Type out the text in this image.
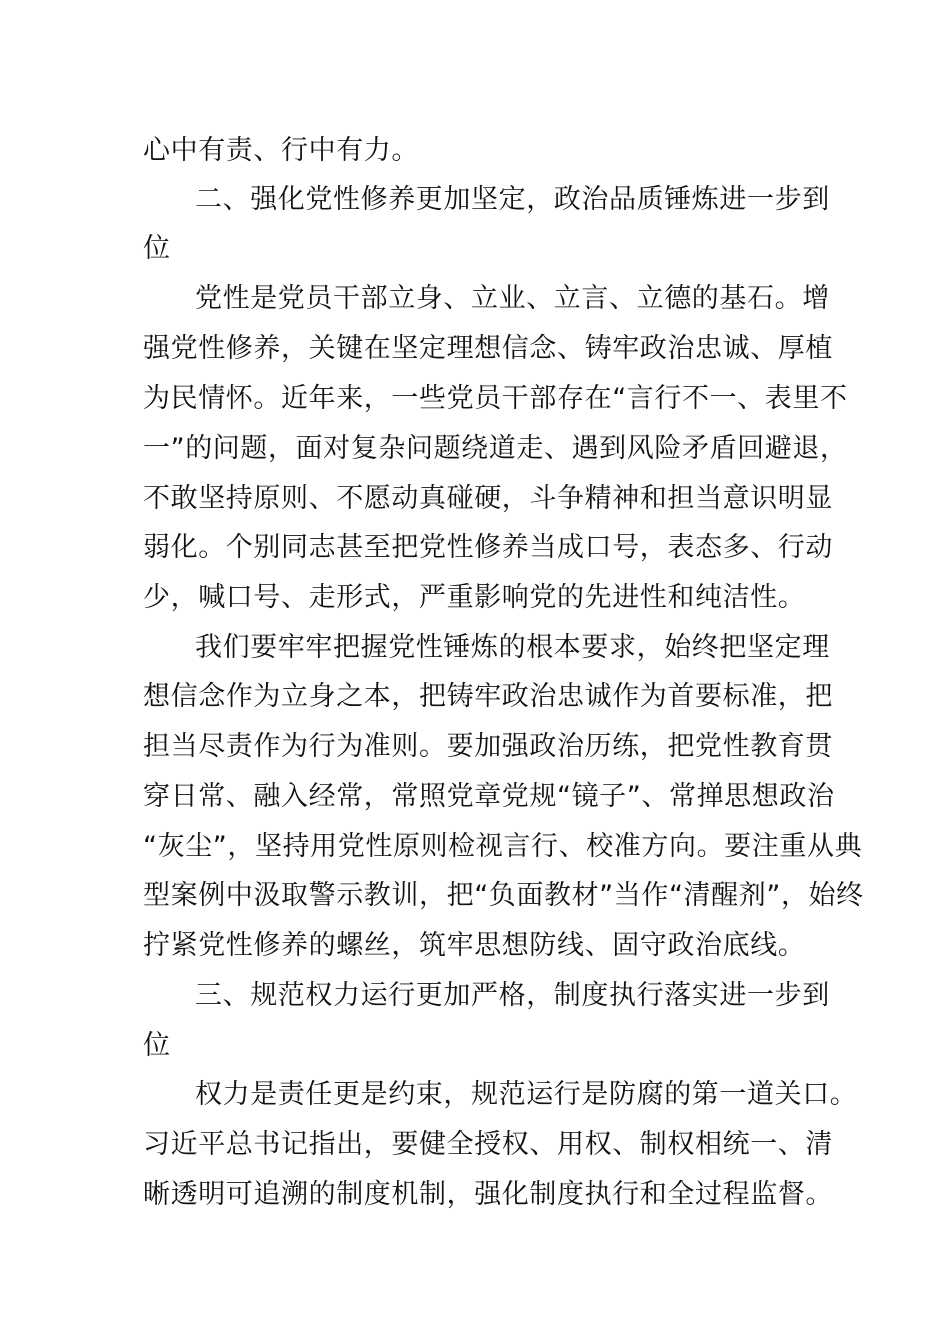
心中有责、行中有力。
二、强化党性修养更加坚定，政治品质锤炼进一步到
位
党性是党员干部立身、立业、立言、立德的基石。增
强党性修养，关键在坚定理想信念、铸牢政治忠诚、厚植
为民情怀。近年来，一些党员干部存在“言行不一、表里不
一”的问题，面对复杂问题绕道走、遇到风险矛盾回避退，
不敢坚持原则、不愿动真碰硬，斗争精神和担当意识明显
弱化。个别同志甚至把党性修养当成口号，表态多、行动
少，喊口号、走形式，严重影响党的先进性和纯洁性。
我们要牢牢把握党性锤炼的根本要求，始终把坚定理
想信念作为立身之本，把铸牢政治忠诚作为首要标准，把
担当尽责作为行为准则。要加强政治历练，把党性教育贯
穿日常、融入经常，常照党章党规“镜子”、常掸思想政治
“灰尘”，坚持用党性原则检视言行、校准方向。要注重从典
型案例中汲取警示教训，把“负面教材”当作“清醒剂”，始终
拧紧党性修养的螺丝，筑牢思想防线、固守政治底线。
三、规范权力运行更加严格，制度执行落实进一步到
位
权力是责任更是约束，规范运行是防腐的第一道关口。
习近平总书记指出，要健全授权、用权、制权相统一、清
晰透明可追溯的制度机制，强化制度执行和全过程监督。
